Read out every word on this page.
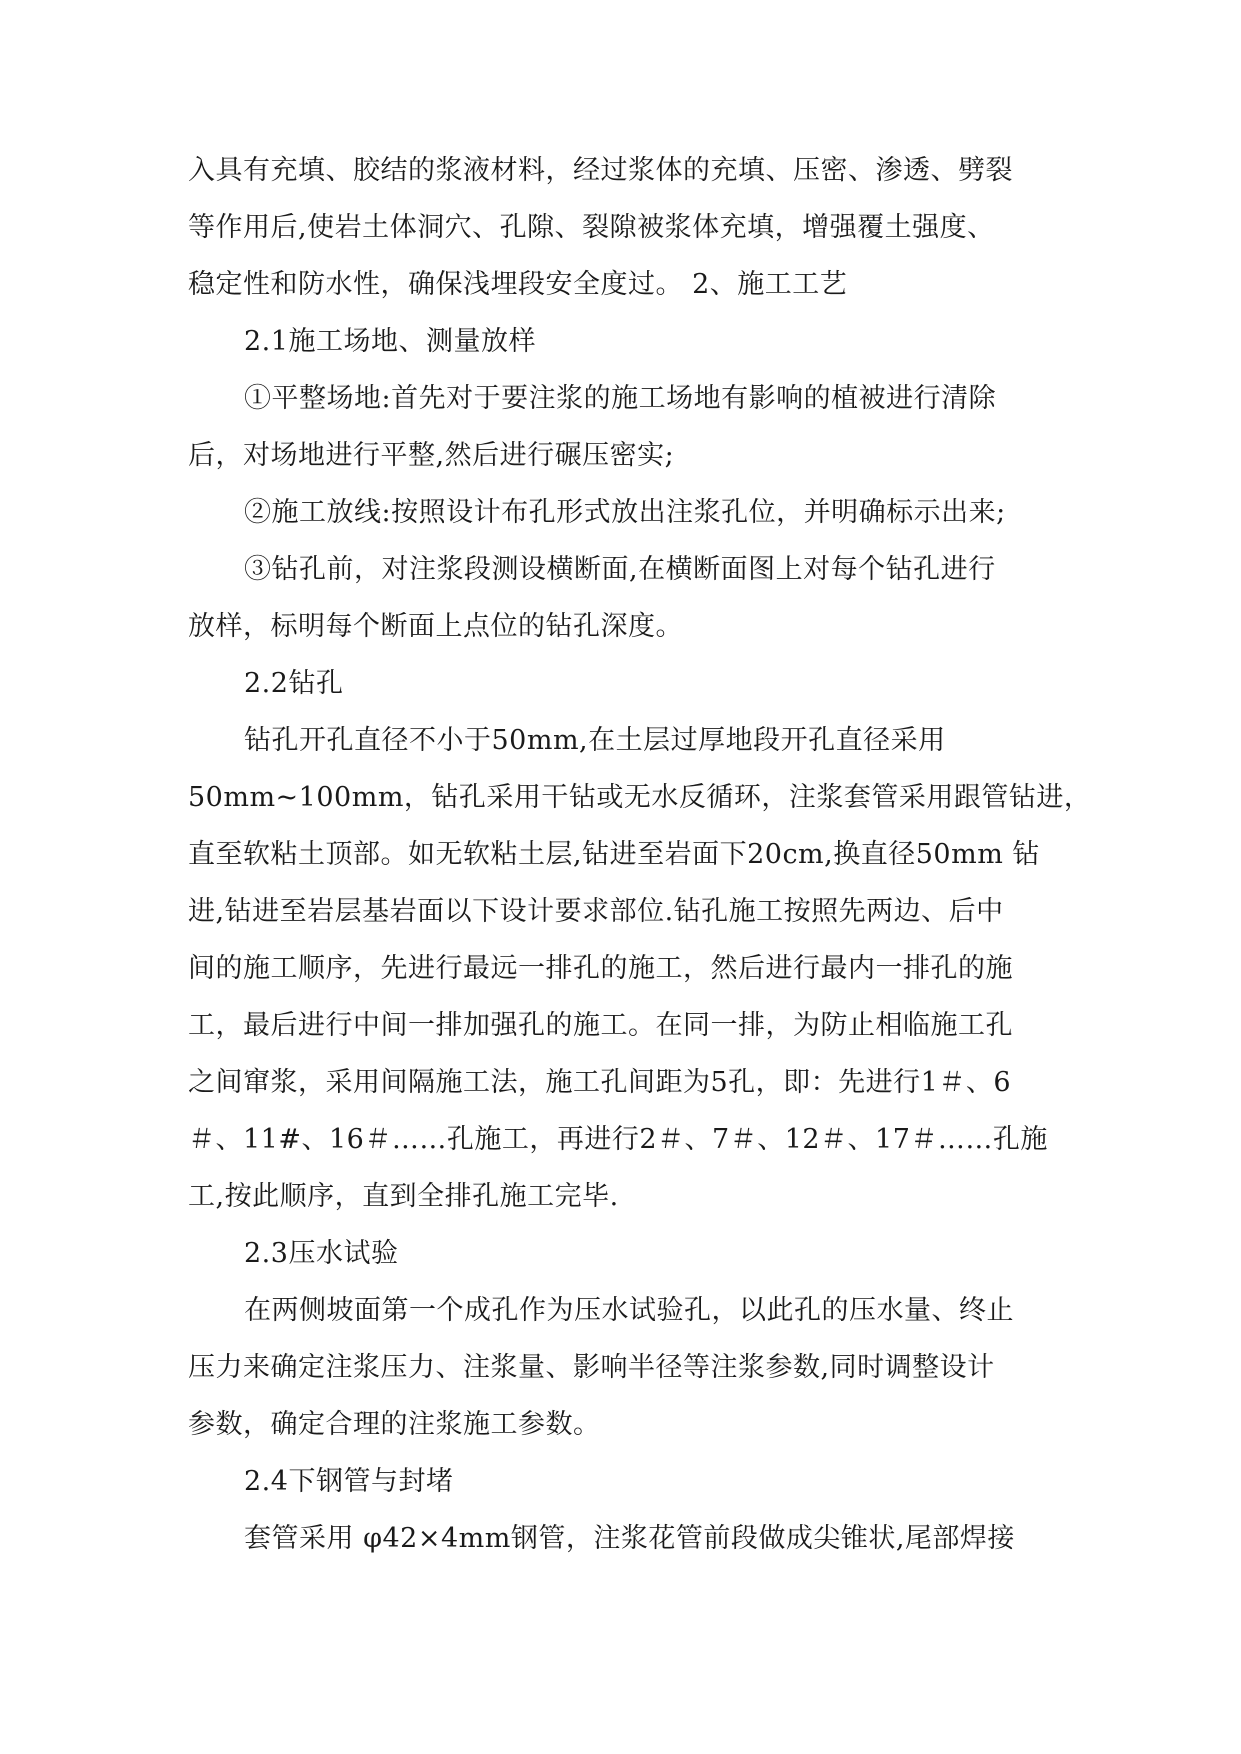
入具有充填、胶结的浆液材料，经过浆体的充填、压密、渗透、劈裂
等作用后,使岩土体洞穴、孔隙、裂隙被浆体充填，增强覆土强度、
稳定性和防水性，确保浅埋段安全度过。 2、施工工艺
2.1施工场地、测量放样
①平整场地:首先对于要注浆的施工场地有影响的植被进行清除
后，对场地进行平整,然后进行碾压密实;
②施工放线:按照设计布孔形式放出注浆孔位，并明确标示出来;
③钻孔前，对注浆段测设横断面,在横断面图上对每个钻孔进行
放样，标明每个断面上点位的钻孔深度。
2.2钻孔
钻孔开孔直径不小于50mm,在土层过厚地段开孔直径采用
50mm~100mm，钻孔采用干钻或无水反循环，注浆套管采用跟管钻进，
直至软粘土顶部。如无软粘土层,钻进至岩面下20cm,换直径50mm 钻
进,钻进至岩层基岩面以下设计要求部位.钻孔施工按照先两边、后中
间的施工顺序，先进行最远一排孔的施工，然后进行最内一排孔的施
工，最后进行中间一排加强孔的施工。在同一排，为防止相临施工孔
之间窜浆，采用间隔施工法，施工孔间距为5孔，即：先进行1＃、6
＃、11#、16＃……孔施工，再进行2＃、7＃、12＃、17＃……孔施
工,按此顺序，直到全排孔施工完毕.
2.3压水试验
在两侧坡面第一个成孔作为压水试验孔，以此孔的压水量、终止
压力来确定注浆压力、注浆量、影响半径等注浆参数,同时调整设计
参数，确定合理的注浆施工参数。
2.4下钢管与封堵
套管采用 φ42×4mm钢管，注浆花管前段做成尖锥状,尾部焊接
